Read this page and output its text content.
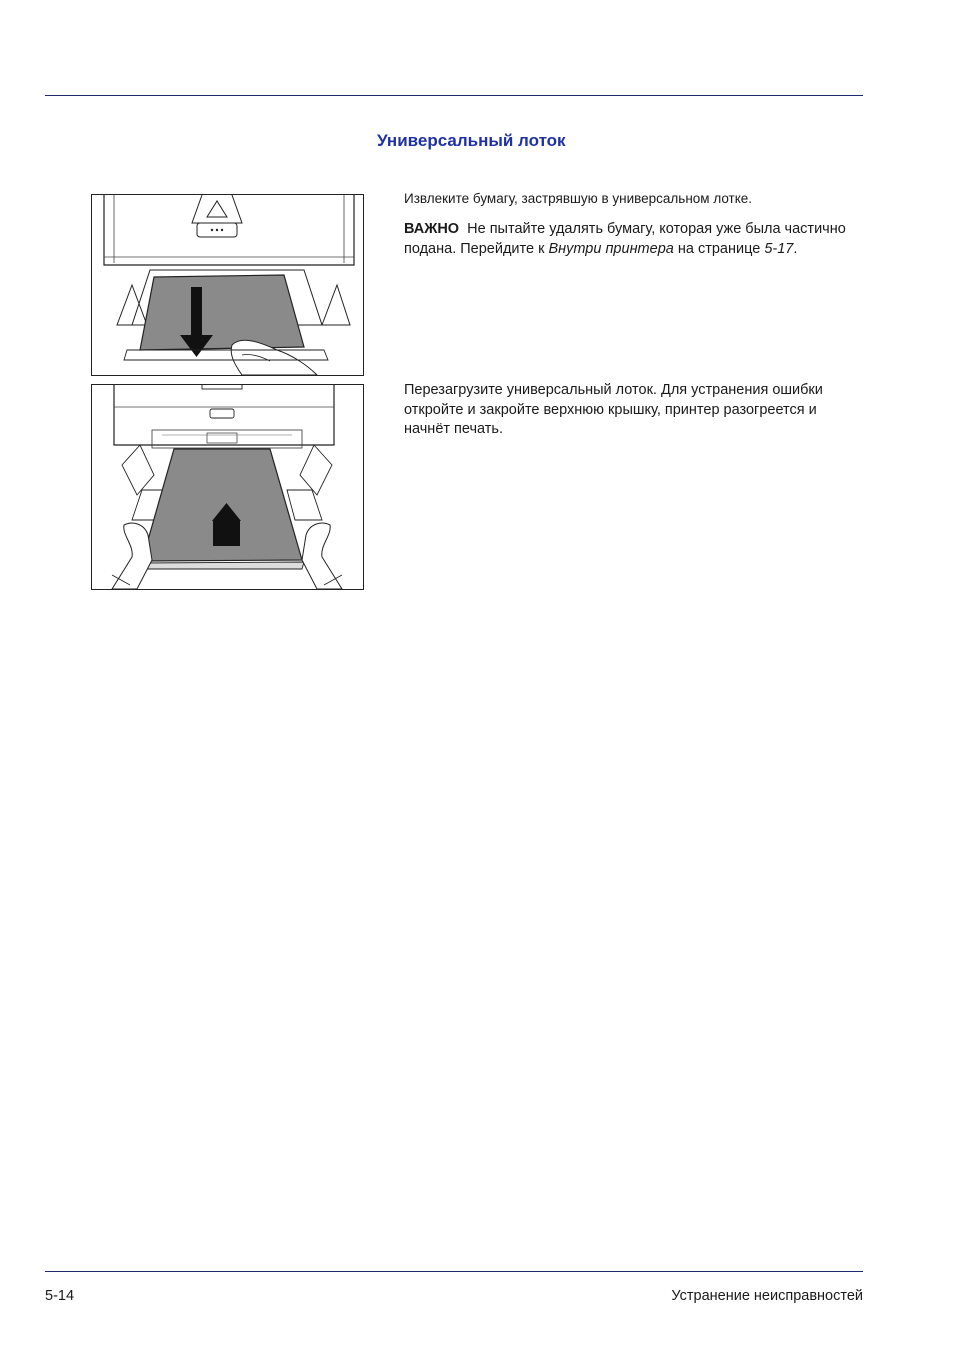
Универсальный лоток

Извлеките бумагу, застрявшую в универсальном лотке.

ВАЖНО Не пытайте удалять бумагу, которая уже была частично подана. Перейдите к Внутри принтера на странице 5-17.

Перезагрузите универсальный лоток. Для устранения ошибки откройте и закройте верхнюю крышку, принтер разогреется и начнёт печать.

5-14	Устранение неисправностей
